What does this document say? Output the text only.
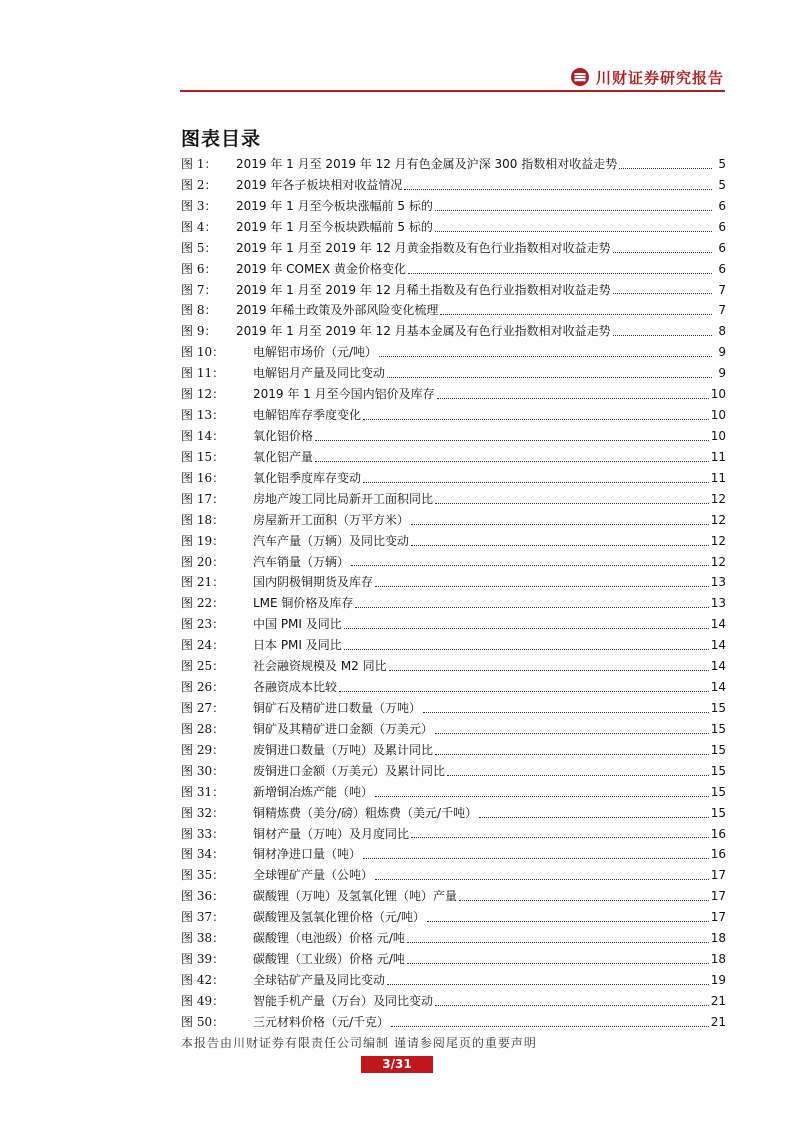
川财证券研究报告
图表目录
图 1：	2019 年 1 月至 2019 年 12 月有色金属及沪深 300 指数相对收益走势	5
图 2：	2019 年各子板块相对收益情况	5
图 3：	2019 年 1 月至今板块涨幅前 5 标的	6
图 4：	2019 年 1 月至今板块跌幅前 5 标的	6
图 5：	2019 年 1 月至 2019 年 12 月黄金指数及有色行业指数相对收益走势	6
图 6：	2019 年 COMEX 黄金价格变化	6
图 7：	2019 年 1 月至 2019 年 12 月稀土指数及有色行业指数相对收益走势	7
图 8：	2019 年稀土政策及外部风险变化梳理	7
图 9：	2019 年 1 月至 2019 年 12 月基本金属及有色行业指数相对收益走势	8
图 10：	电解铝市场价（元/吨）	9
图 11：	电解铝月产量及同比变动	9
图 12：	2019 年 1 月至今国内铝价及库存	10
图 13：	电解铝库存季度变化	10
图 14：	氧化铝价格	10
图 15：	氧化铝产量	11
图 16：	氧化铝季度库存变动	11
图 17：	房地产竣工同比局新开工面积同比	12
图 18：	房屋新开工面积（万平方米）	12
图 19：	汽车产量（万辆）及同比变动	12
图 20：	汽车销量（万辆）	12
图 21：	国内阴极铜期货及库存	13
图 22：	LME 铜价格及库存	13
图 23：	中国 PMI 及同比	14
图 24：	日本 PMI 及同比	14
图 25：	社会融资规模及 M2 同比	14
图 26：	各融资成本比较	14
图 27：	铜矿石及精矿进口数量（万吨）	15
图 28：	铜矿及其精矿进口金额（万美元）	15
图 29：	废铜进口数量（万吨）及累计同比	15
图 30：	废铜进口金额（万美元）及累计同比	15
图 31：	新增铜冶炼产能（吨）	15
图 32：	铜精炼费（美分/磅）粗炼费（美元/千吨）	15
图 33：	铜材产量（万吨）及月度同比	16
图 34：	铜材净进口量（吨）	16
图 35：	全球锂矿产量（公吨）	17
图 36：	碳酸锂（万吨）及氢氧化锂（吨）产量	17
图 37：	碳酸锂及氢氧化锂价格（元/吨）	17
图 38：	碳酸锂（电池级）价格 元/吨	18
图 39：	碳酸锂（工业级）价格 元/吨	18
图 42：	全球钴矿产量及同比变动	19
图 49：	智能手机产量（万台）及同比变动	21
图 50：	三元材料价格（元/千克）	21
本报告由川财证券有限责任公司编制 谨请参阅尾页的重要声明
3/31
